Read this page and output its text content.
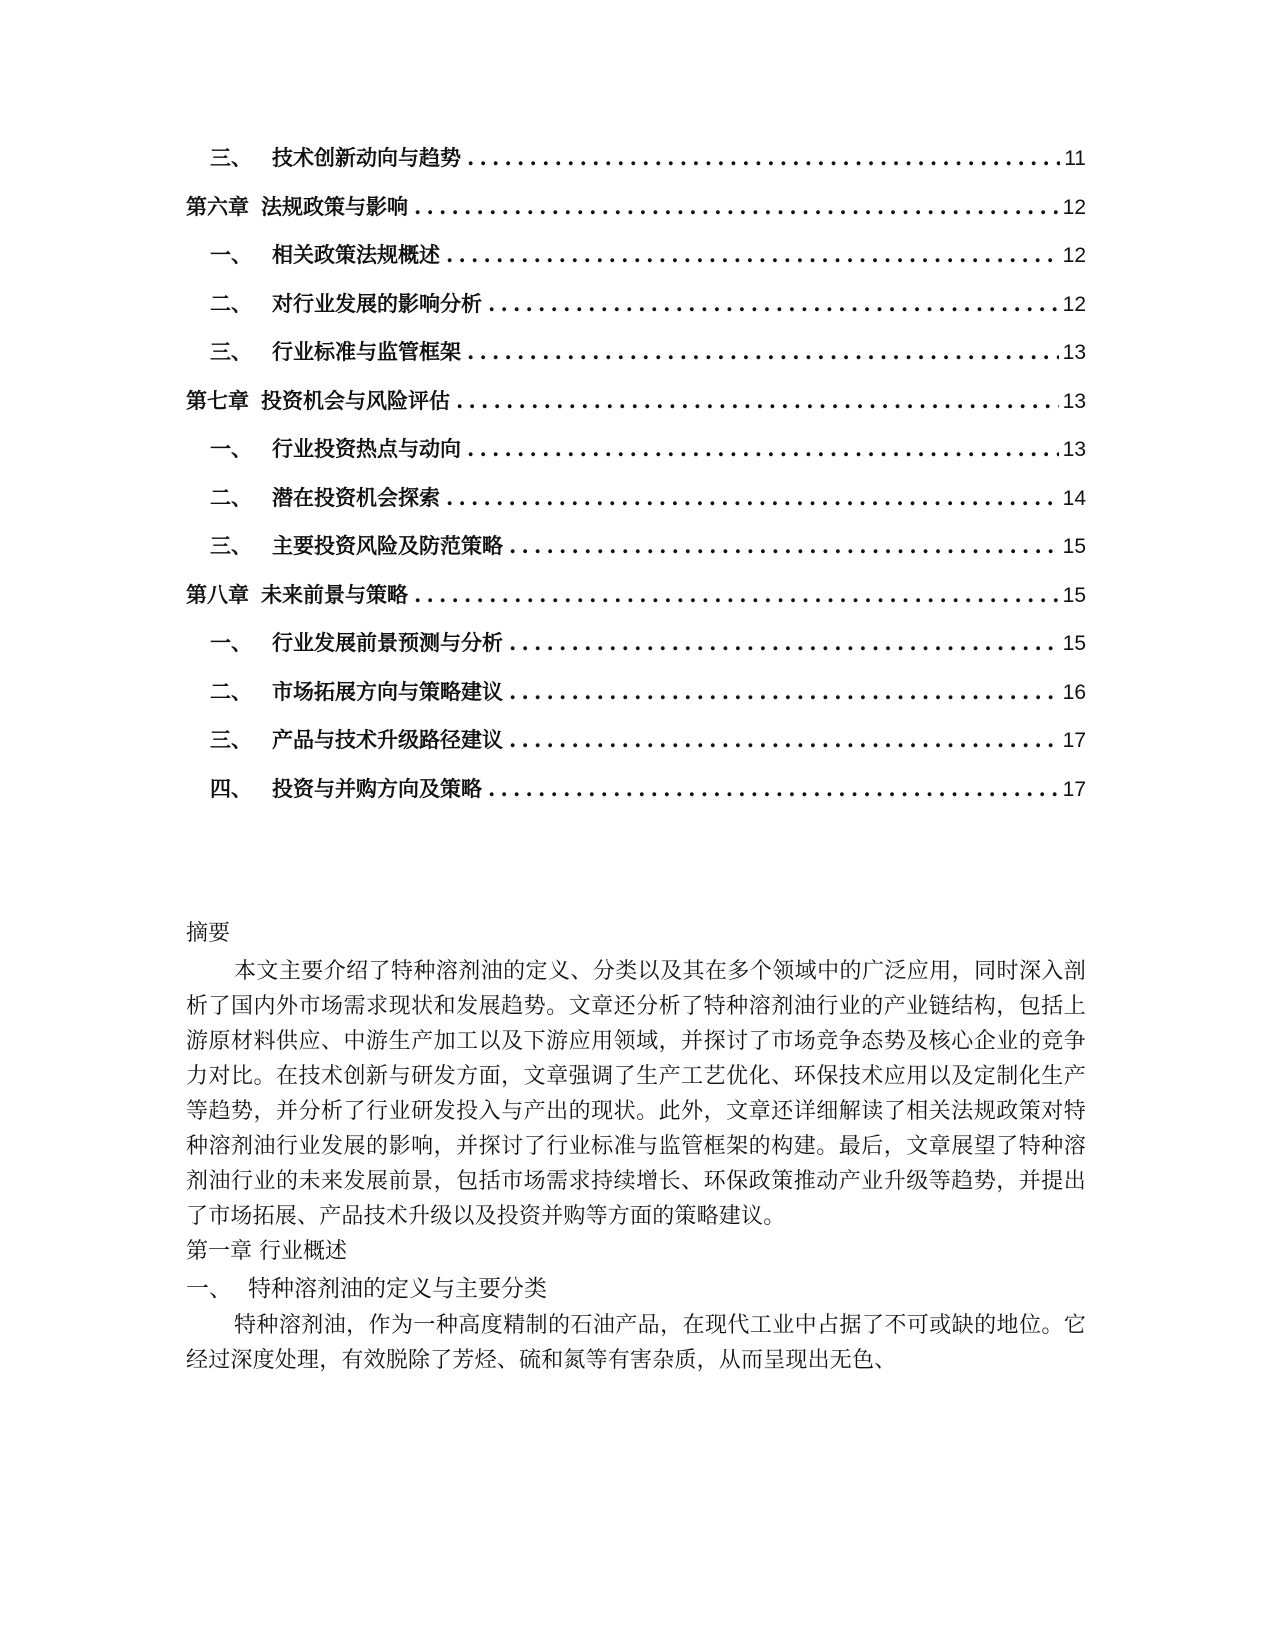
三、 技术创新动向与趋势 .....	11
第六章 法规政策与影响 .....	12
一、 相关政策法规概述 .....	12
二、 对行业发展的影响分析 .....	12
三、 行业标准与监管框架 .....	13
第七章 投资机会与风险评估 .....	13
一、 行业投资热点与动向 .....	13
二、 潜在投资机会探索 .....	14
三、 主要投资风险及防范策略 .....	15
第八章 未来前景与策略 .....	15
一、 行业发展前景预测与分析 .....	15
二、 市场拓展方向与策略建议 .....	16
三、 产品与技术升级路径建议 .....	17
四、 投资与并购方向及策略 .....	17

摘要

本文主要介绍了特种溶剂油的定义、分类以及其在多个领域中的广泛应用，同时深入剖析了国内外市场需求现状和发展趋势。文章还分析了特种溶剂油行业的产业链结构，包括上游原材料供应、中游生产加工以及下游应用领域，并探讨了市场竞争态势及核心企业的竞争力对比。在技术创新与研发方面，文章强调了生产工艺优化、环保技术应用以及定制化生产等趋势，并分析了行业研发投入与产出的现状。此外，文章还详细解读了相关法规政策对特种溶剂油行业发展的影响，并探讨了行业标准与监管框架的构建。最后，文章展望了特种溶剂油行业的未来发展前景，包括市场需求持续增长、环保政策推动产业升级等趋势，并提出了市场拓展、产品技术升级以及投资并购等方面的策略建议。

第一章 行业概述

一、 特种溶剂油的定义与主要分类

特种溶剂油，作为一种高度精制的石油产品，在现代工业中占据了不可或缺的地位。它经过深度处理，有效脱除了芳烃、硫和氮等有害杂质，从而呈现出无色、
